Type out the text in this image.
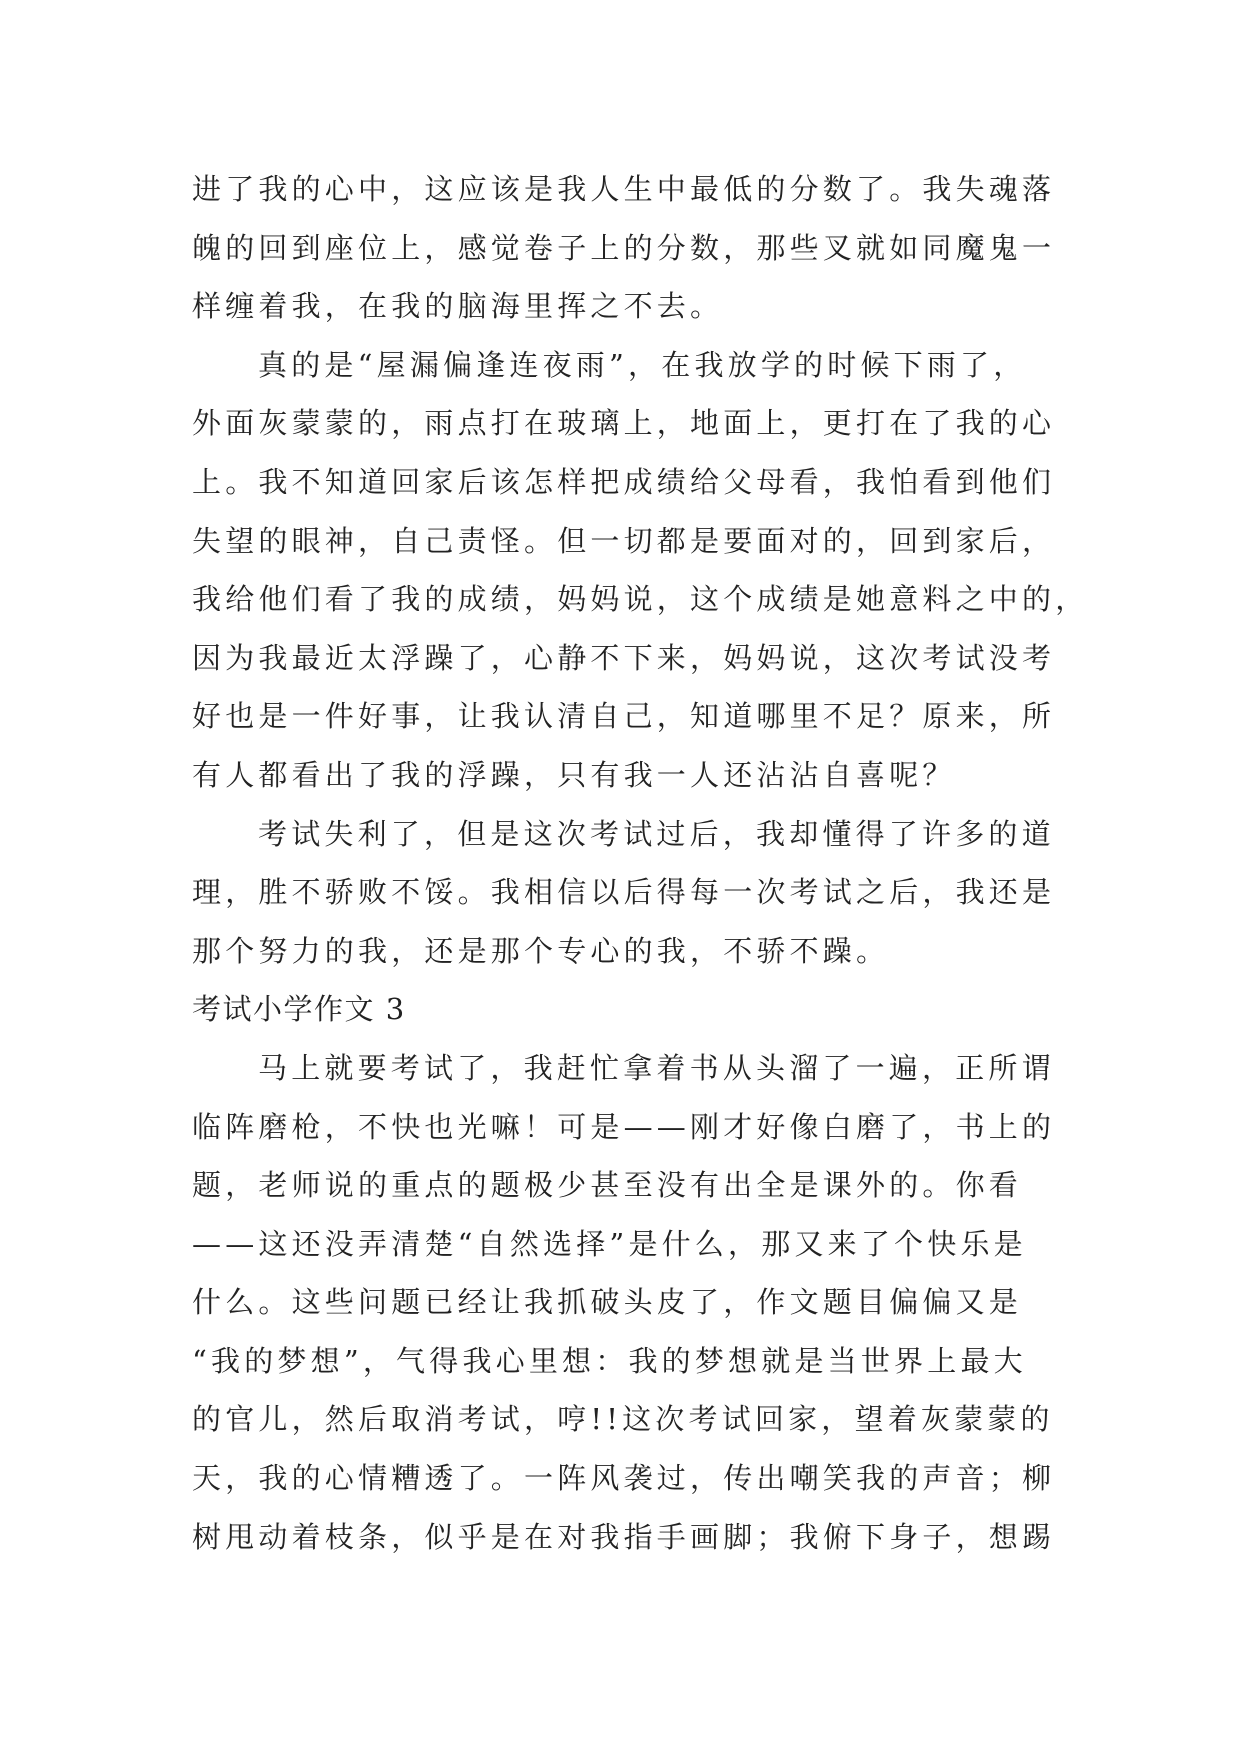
进了我的心中，这应该是我人生中最低的分数了。我失魂落
魄的回到座位上，感觉卷子上的分数，那些叉就如同魔鬼一
样缠着我，在我的脑海里挥之不去。
真的是“屋漏偏逢连夜雨”，在我放学的时候下雨了，
外面灰蒙蒙的，雨点打在玻璃上，地面上，更打在了我的心
上。我不知道回家后该怎样把成绩给父母看，我怕看到他们
失望的眼神，自己责怪。但一切都是要面对的，回到家后，
我给他们看了我的成绩，妈妈说，这个成绩是她意料之中的，
因为我最近太浮躁了，心静不下来，妈妈说，这次考试没考
好也是一件好事，让我认清自己，知道哪里不足？原来，所
有人都看出了我的浮躁，只有我一人还沾沾自喜呢？
考试失利了，但是这次考试过后，我却懂得了许多的道
理，胜不骄败不馁。我相信以后得每一次考试之后，我还是
那个努力的我，还是那个专心的我，不骄不躁。
考试小学作文 3
马上就要考试了，我赶忙拿着书从头溜了一遍，正所谓
临阵磨枪，不快也光嘛！可是——刚才好像白磨了，书上的
题，老师说的重点的题极少甚至没有出全是课外的。你看
——这还没弄清楚“自然选择”是什么，那又来了个快乐是
什么。这些问题已经让我抓破头皮了，作文题目偏偏又是
“我的梦想”，气得我心里想：我的梦想就是当世界上最大
的官儿，然后取消考试，哼!!这次考试回家，望着灰蒙蒙的
天，我的心情糟透了。一阵风袭过，传出嘲笑我的声音；柳
树甩动着枝条，似乎是在对我指手画脚；我俯下身子，想踢
